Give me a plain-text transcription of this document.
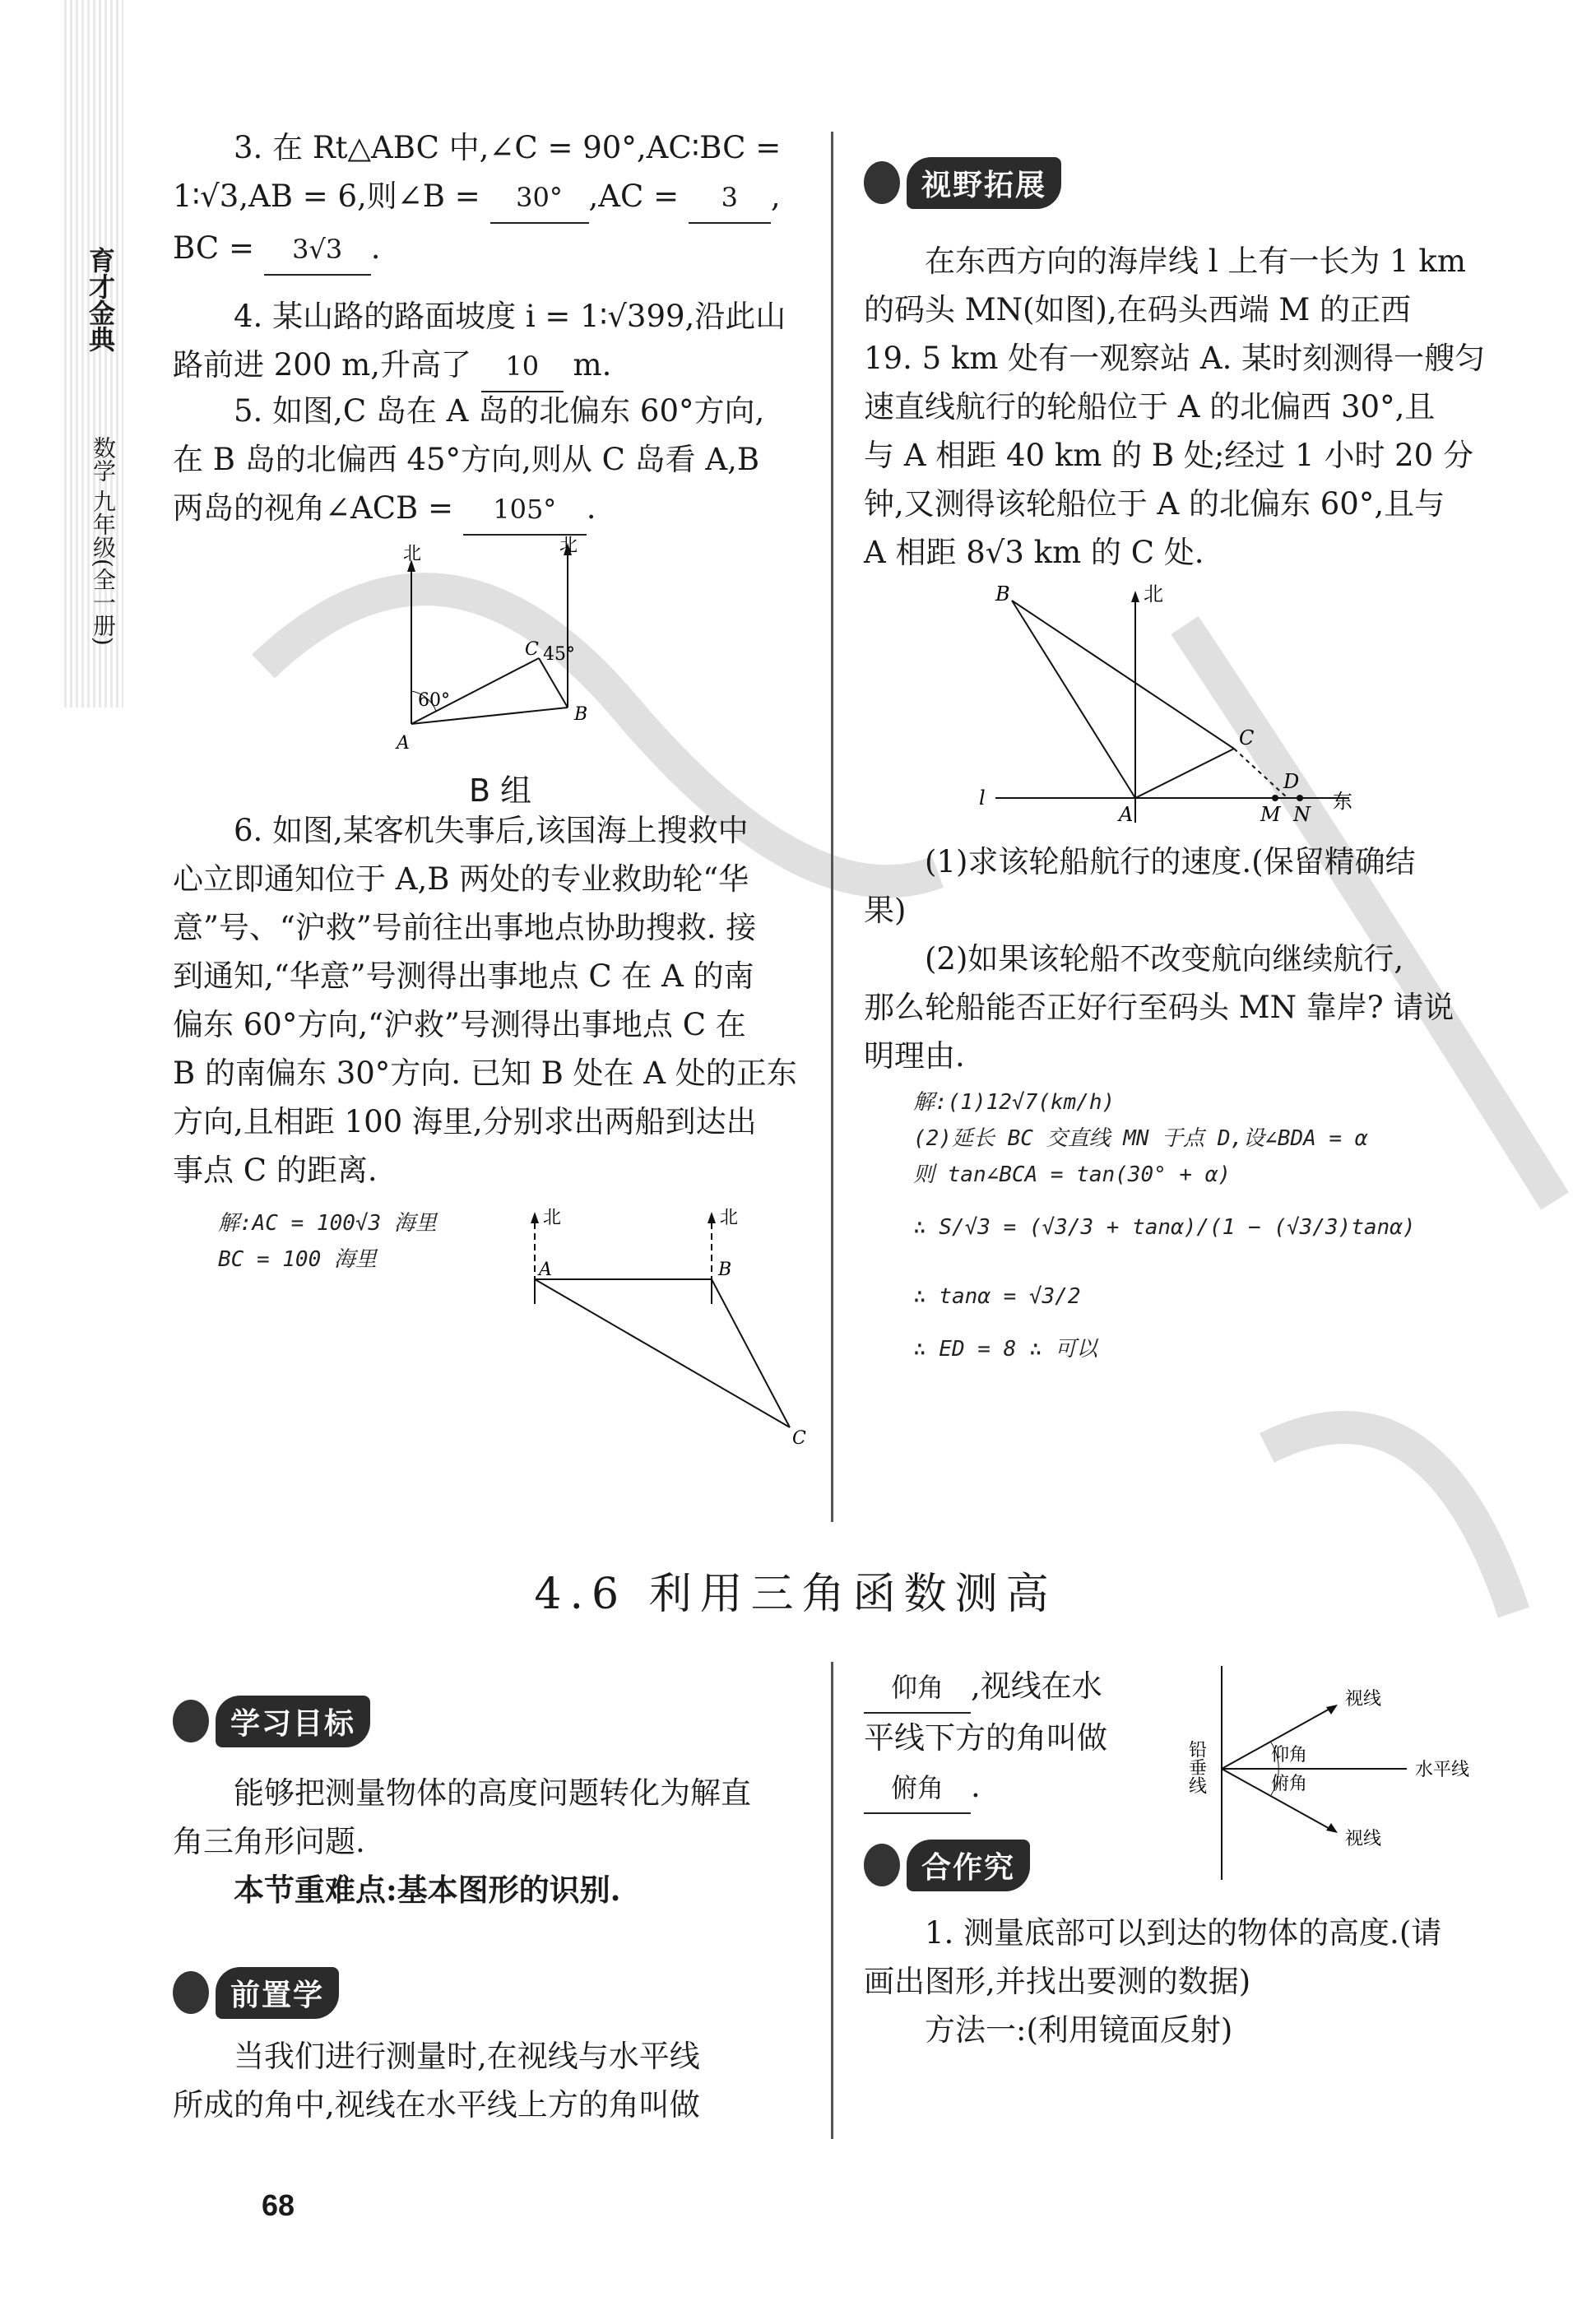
育才金典
数学 九年级(全一册)

3. 在 Rt△ABC 中,∠C = 90°,AC∶BC =

1∶√3,AB = 6,则∠B = 30° ,AC = 3 ,

BC = 3√3 .

4. 某山路的路面坡度 i = 1∶√399,沿此山

路前进 200 m,升高了 10 m.

5. 如图,C 岛在 A 岛的北偏东 60°方向,

在 B 岛的北偏西 45°方向,则从 C 岛看 A,B

两岛的视角∠ACB = 105° .

北	北
60°
45°
A
B
C
B 组

6. 如图,某客机失事后,该国海上搜救中

心立即通知位于 A,B 两处的专业救助轮“华

意”号、“沪救”号前往出事地点协助搜救. 接

到通知,“华意”号测得出事地点 C 在 A 的南

偏东 60°方向,“沪救”号测得出事地点 C 在

B 的南偏东 30°方向. 已知 B 处在 A 处的正东

方向,且相距 100 海里,分别求出两船到达出

事点 C 的距离.

解:AC = 100√3 海里
BC = 100 海里
北	北
A	B
C
视野拓展

在东西方向的海岸线 l 上有一长为 1 km

的码头 MN(如图),在码头西端 M 的正西

19. 5 km 处有一观察站 A. 某时刻测得一艘匀

速直线航行的轮船位于 A 的北偏西 30°,且

与 A 相距 40 km 的 B 处;经过 1 小时 20 分

钟,又测得该轮船位于 A 的北偏东 60°,且与

A 相距 8√3 km 的 C 处.

北
B
C
D
l
A	M N
东

(1)求该轮船航行的速度.(保留精确结

果)

(2)如果该轮船不改变航向继续航行,

那么轮船能否正好行至码头 MN 靠岸? 请说

明理由.

解:(1)12√7(km/h)
(2)延长 BC 交直线 MN 于点 D,设∠BDA = α
则 tan∠BCA = tan(30° + α)
∴ S/√3 = (√3/3 + tanα)/(1 − (√3/3)tanα)
∴ tanα = √3/2
∴ ED = 8 ∴ 可以
4.6 利用三角函数测高
学习目标

能够把测量物体的高度问题转化为解直

角三角形问题.

本节重难点:基本图形的识别.

前置学

当我们进行测量时,在视线与水平线

所成的角中,视线在水平线上方的角叫做

仰角 ,视线在水

平线下方的角叫做

俯角 .

视线
铅垂线	仰角
俯角
水平线
视线
合作究

1. 测量底部可以到达的物体的高度.(请

画出图形,并找出要测的数据)

方法一:(利用镜面反射)

68
